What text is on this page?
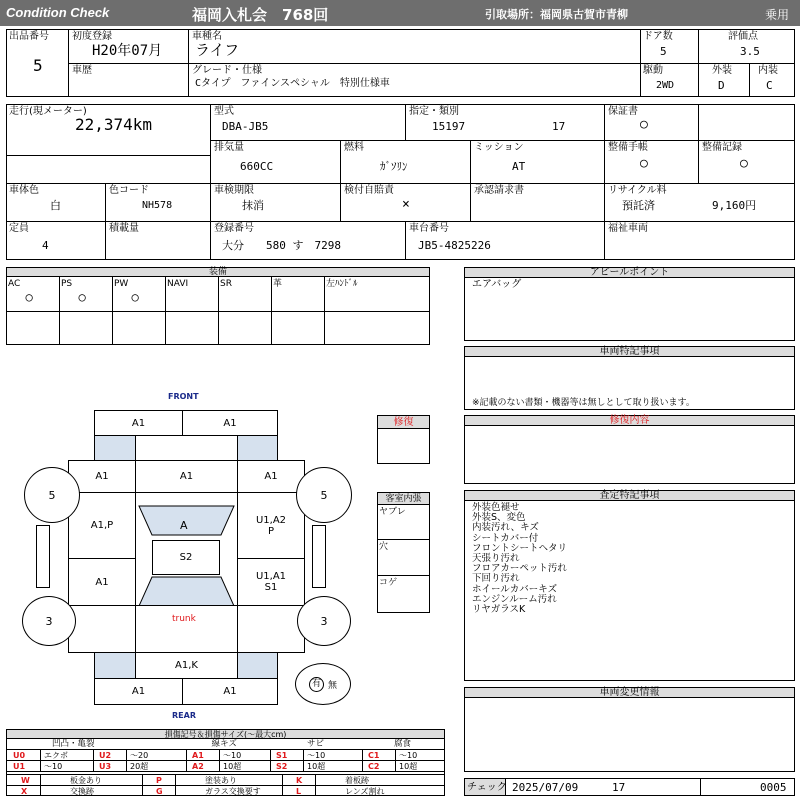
Condition Check	福岡入札会　768回	引取場所：福岡県古賀市青柳	乗用
出品番号
5
初度登録
H20年07月
車種名
ライフ
ドア数
5
評価点
3.5
車歴	グレード・仕様
Cタイプ　ファインスペシャル　特別仕様車
駆動
2WD
外装
D
内装
C
走行(現メーター)
22,374km
型式
DBA-JB5
指定・類別
15197	17
保証書
○
排気量
660CC
燃料
ｶﾞｿﾘﾝ
ミッション
AT
整備手帳
○
整備記録
○
車体色
白
色コード
NH578
車検期限
抹消
検付自賠責
×
承認請求書	リサイクル料
預託済	9,160円
定員
4
積載量	登録番号
大分　　580 す　7298
車台番号
JB5-4825226
福祉車両
装備
AC
○
PS
○
PW
○
NAVI	SR	革	左ﾊﾝﾄﾞﾙ
アピールポイント
エアバッグ
車両特記事項
※記載のない書類・機器等は無しとして取り扱います。
修復内容
査定特記事項
外装色褪せ
外装S、変色
内装汚れ、キズ
シートカバー付
フロントシートヘタリ
天張り汚れ
フロアカーペット汚れ
下回り汚れ
ホイールカバーキズ
エンジンルーム汚れ
リヤガラスK
車両変更情報
チェック 2025/07/09	17	0005
FRONT
REAR
A1	A1
A1	A1	A1
A1,P	U1,A2
P
A1	U1,A1
S1
A
S2
trunk
A1,K
A1	A1
5	5
3	3
有 無
修復
客室内張
ヤブレ
穴
コゲ
損傷記号＆損傷サイズ(〜最大cm)
凹凸・亀裂	線キズ	サビ	腐食
U0 エクボ	U2 〜20	A1 〜10	S1 〜10	C1 〜10
U1 〜10	U3 20超	A2 10超	S2 10超	C2 10超
W	板金あり	P	塗装あり	K	着板跡
X	交換跡	G	ガラス交換要す	L	レンズ割れ
